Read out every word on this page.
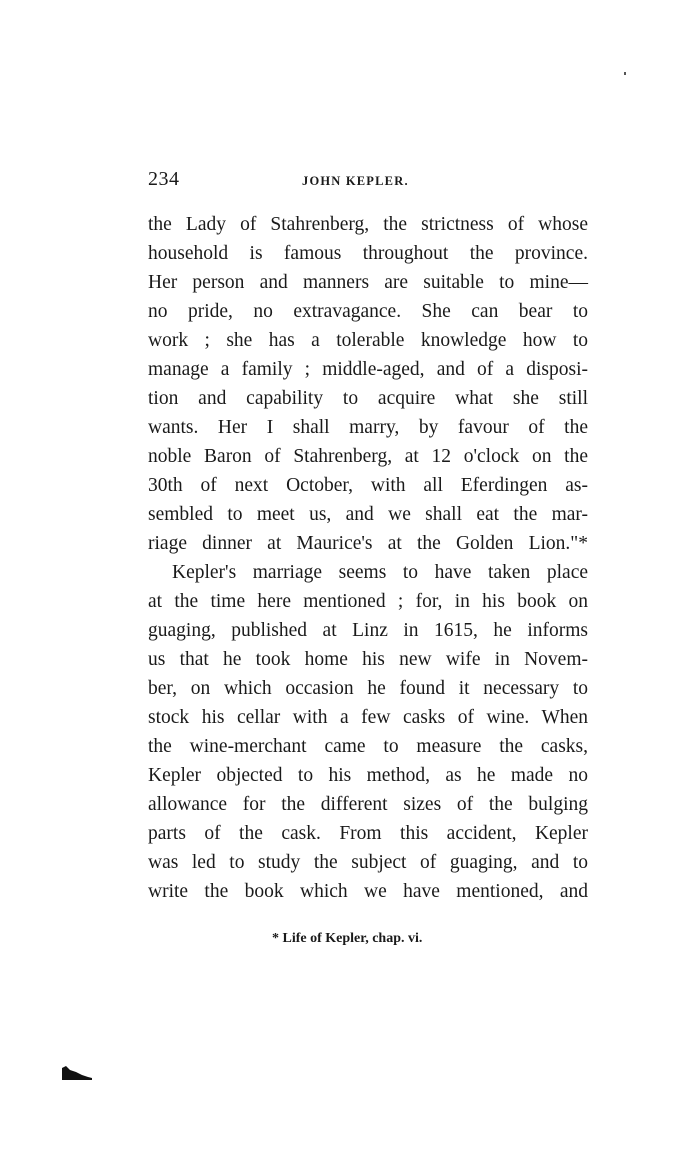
234	JOHN KEPLER.
the Lady of Stahrenberg, the strictness of whose
household is famous throughout the province.
Her person and manners are suitable to mine—
no pride, no extravagance. She can bear to
work ; she has a tolerable knowledge how to
manage a family ; middle-aged, and of a disposi-
tion and capability to acquire what she still
wants. Her I shall marry, by favour of the
noble Baron of Stahrenberg, at 12 o'clock on the
30th of next October, with all Eferdingen as-
sembled to meet us, and we shall eat the mar-
riage dinner at Maurice's at the Golden Lion."*
Kepler's marriage seems to have taken place
at the time here mentioned ; for, in his book on
guaging, published at Linz in 1615, he informs
us that he took home his new wife in Novem-
ber, on which occasion he found it necessary to
stock his cellar with a few casks of wine. When
the wine-merchant came to measure the casks,
Kepler objected to his method, as he made no
allowance for the different sizes of the bulging
parts of the cask. From this accident, Kepler
was led to study the subject of guaging, and to
write the book which we have mentioned, and
* Life of Kepler, chap. vi.
